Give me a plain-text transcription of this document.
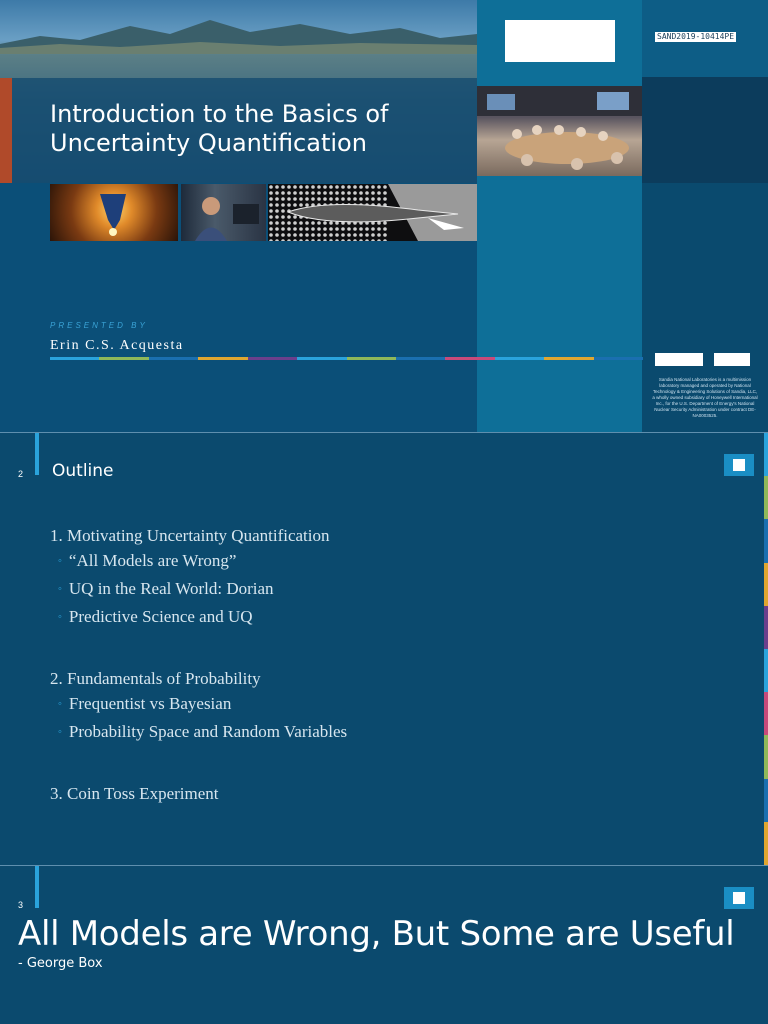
Introduction to the Basics of
Uncertainty Quantification
SAND2019-10414PE
PRESENTED BY
Erin C.S. Acquesta
Sandia National Laboratories is a multimission laboratory managed and operated by National Technology & Engineering Solutions of Sandia, LLC, a wholly owned subsidiary of Honeywell International Inc., for the U.S. Department of Energy's National Nuclear Security Administration under contract DE-NA0003525.
2 Outline

1. Motivating Uncertainty Quantification

◦ “All Models are Wrong”

◦ UQ in the Real World: Dorian

◦ Predictive Science and UQ

2. Fundamentals of Probability

◦ Frequentist vs Bayesian

◦ Probability Space and Random Variables

3. Coin Toss Experiment

3
All Models are Wrong, But Some are Useful
- George Box
